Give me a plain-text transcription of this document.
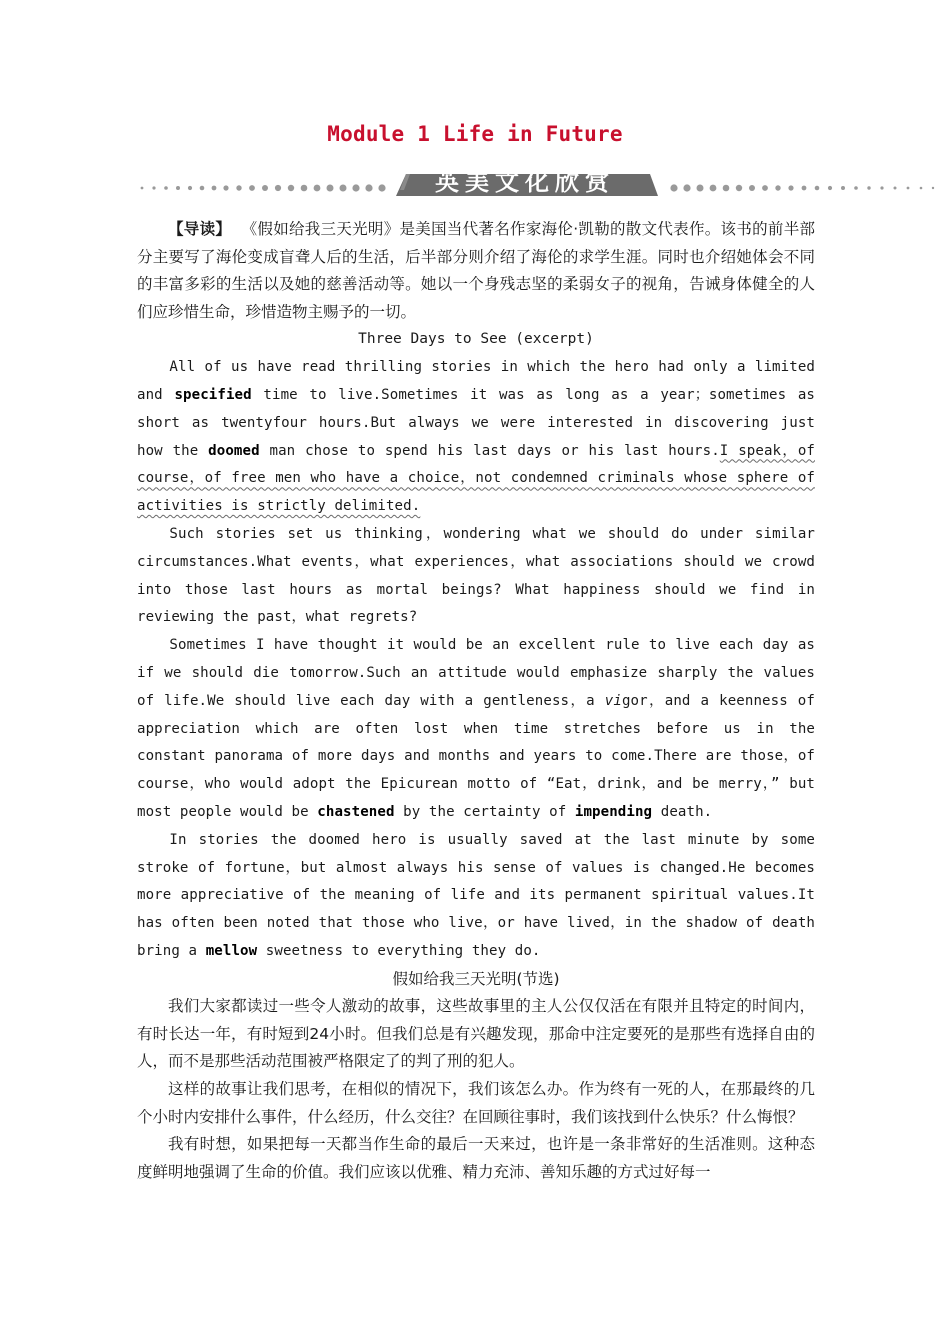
Module 1 Life in Future
英美文化欣赏

【导读】 《假如给我三天光明》是美国当代著名作家海伦·凯勒的散文代表作。该书的前半部分主要写了海伦变成盲聋人后的生活，后半部分则介绍了海伦的求学生涯。同时也介绍她体会不同的丰富多彩的生活以及她的慈善活动等。她以一个身残志坚的柔弱女子的视角，告诫身体健全的人们应珍惜生命，珍惜造物主赐予的一切。

Three Days to See (excerpt)

All of us have read thrilling stories in which the hero had only a limited and specified time to live.Sometimes it was as long as a year；sometimes as short as twentyfour hours.But always we were interested in discovering just how the doomed man chose to spend his last days or his last hours.I speak，of course，of free men who have a choice，not condemned criminals whose sphere of activities is strictly delimited.

Such stories set us thinking，wondering what we should do under similar circumstances.What events，what experiences，what associations should we crowd into those last hours as mortal beings? What happiness should we find in reviewing the past，what regrets?

Sometimes I have thought it would be an excellent rule to live each day as if we should die tomorrow.Such an attitude would emphasize sharply the values of life.We should live each day with a gentleness，a vigor，and a keenness of appreciation which are often lost when time stretches before us in the constant panorama of more days and months and years to come.There are those，of course，who would adopt the Epicurean motto of “Eat，drink，and be merry，” but most people would be chastened by the certainty of impending death.

In stories the doomed hero is usually saved at the last minute by some stroke of fortune，but almost always his sense of values is changed.He becomes more appreciative of the meaning of life and its permanent spiritual values.It has often been noted that those who live，or have lived，in the shadow of death bring a mellow sweetness to everything they do.

假如给我三天光明(节选)

我们大家都读过一些令人激动的故事，这些故事里的主人公仅仅活在有限并且特定的时间内，有时长达一年，有时短到24小时。但我们总是有兴趣发现，那命中注定要死的是那些有选择自由的人，而不是那些活动范围被严格限定了的判了刑的犯人。

这样的故事让我们思考，在相似的情况下，我们该怎么办。作为终有一死的人，在那最终的几个小时内安排什么事件，什么经历，什么交往？在回顾往事时，我们该找到什么快乐？什么悔恨？

我有时想，如果把每一天都当作生命的最后一天来过，也许是一条非常好的生活准则。这种态度鲜明地强调了生命的价值。我们应该以优雅、精力充沛、善知乐趣的方式过好每一
